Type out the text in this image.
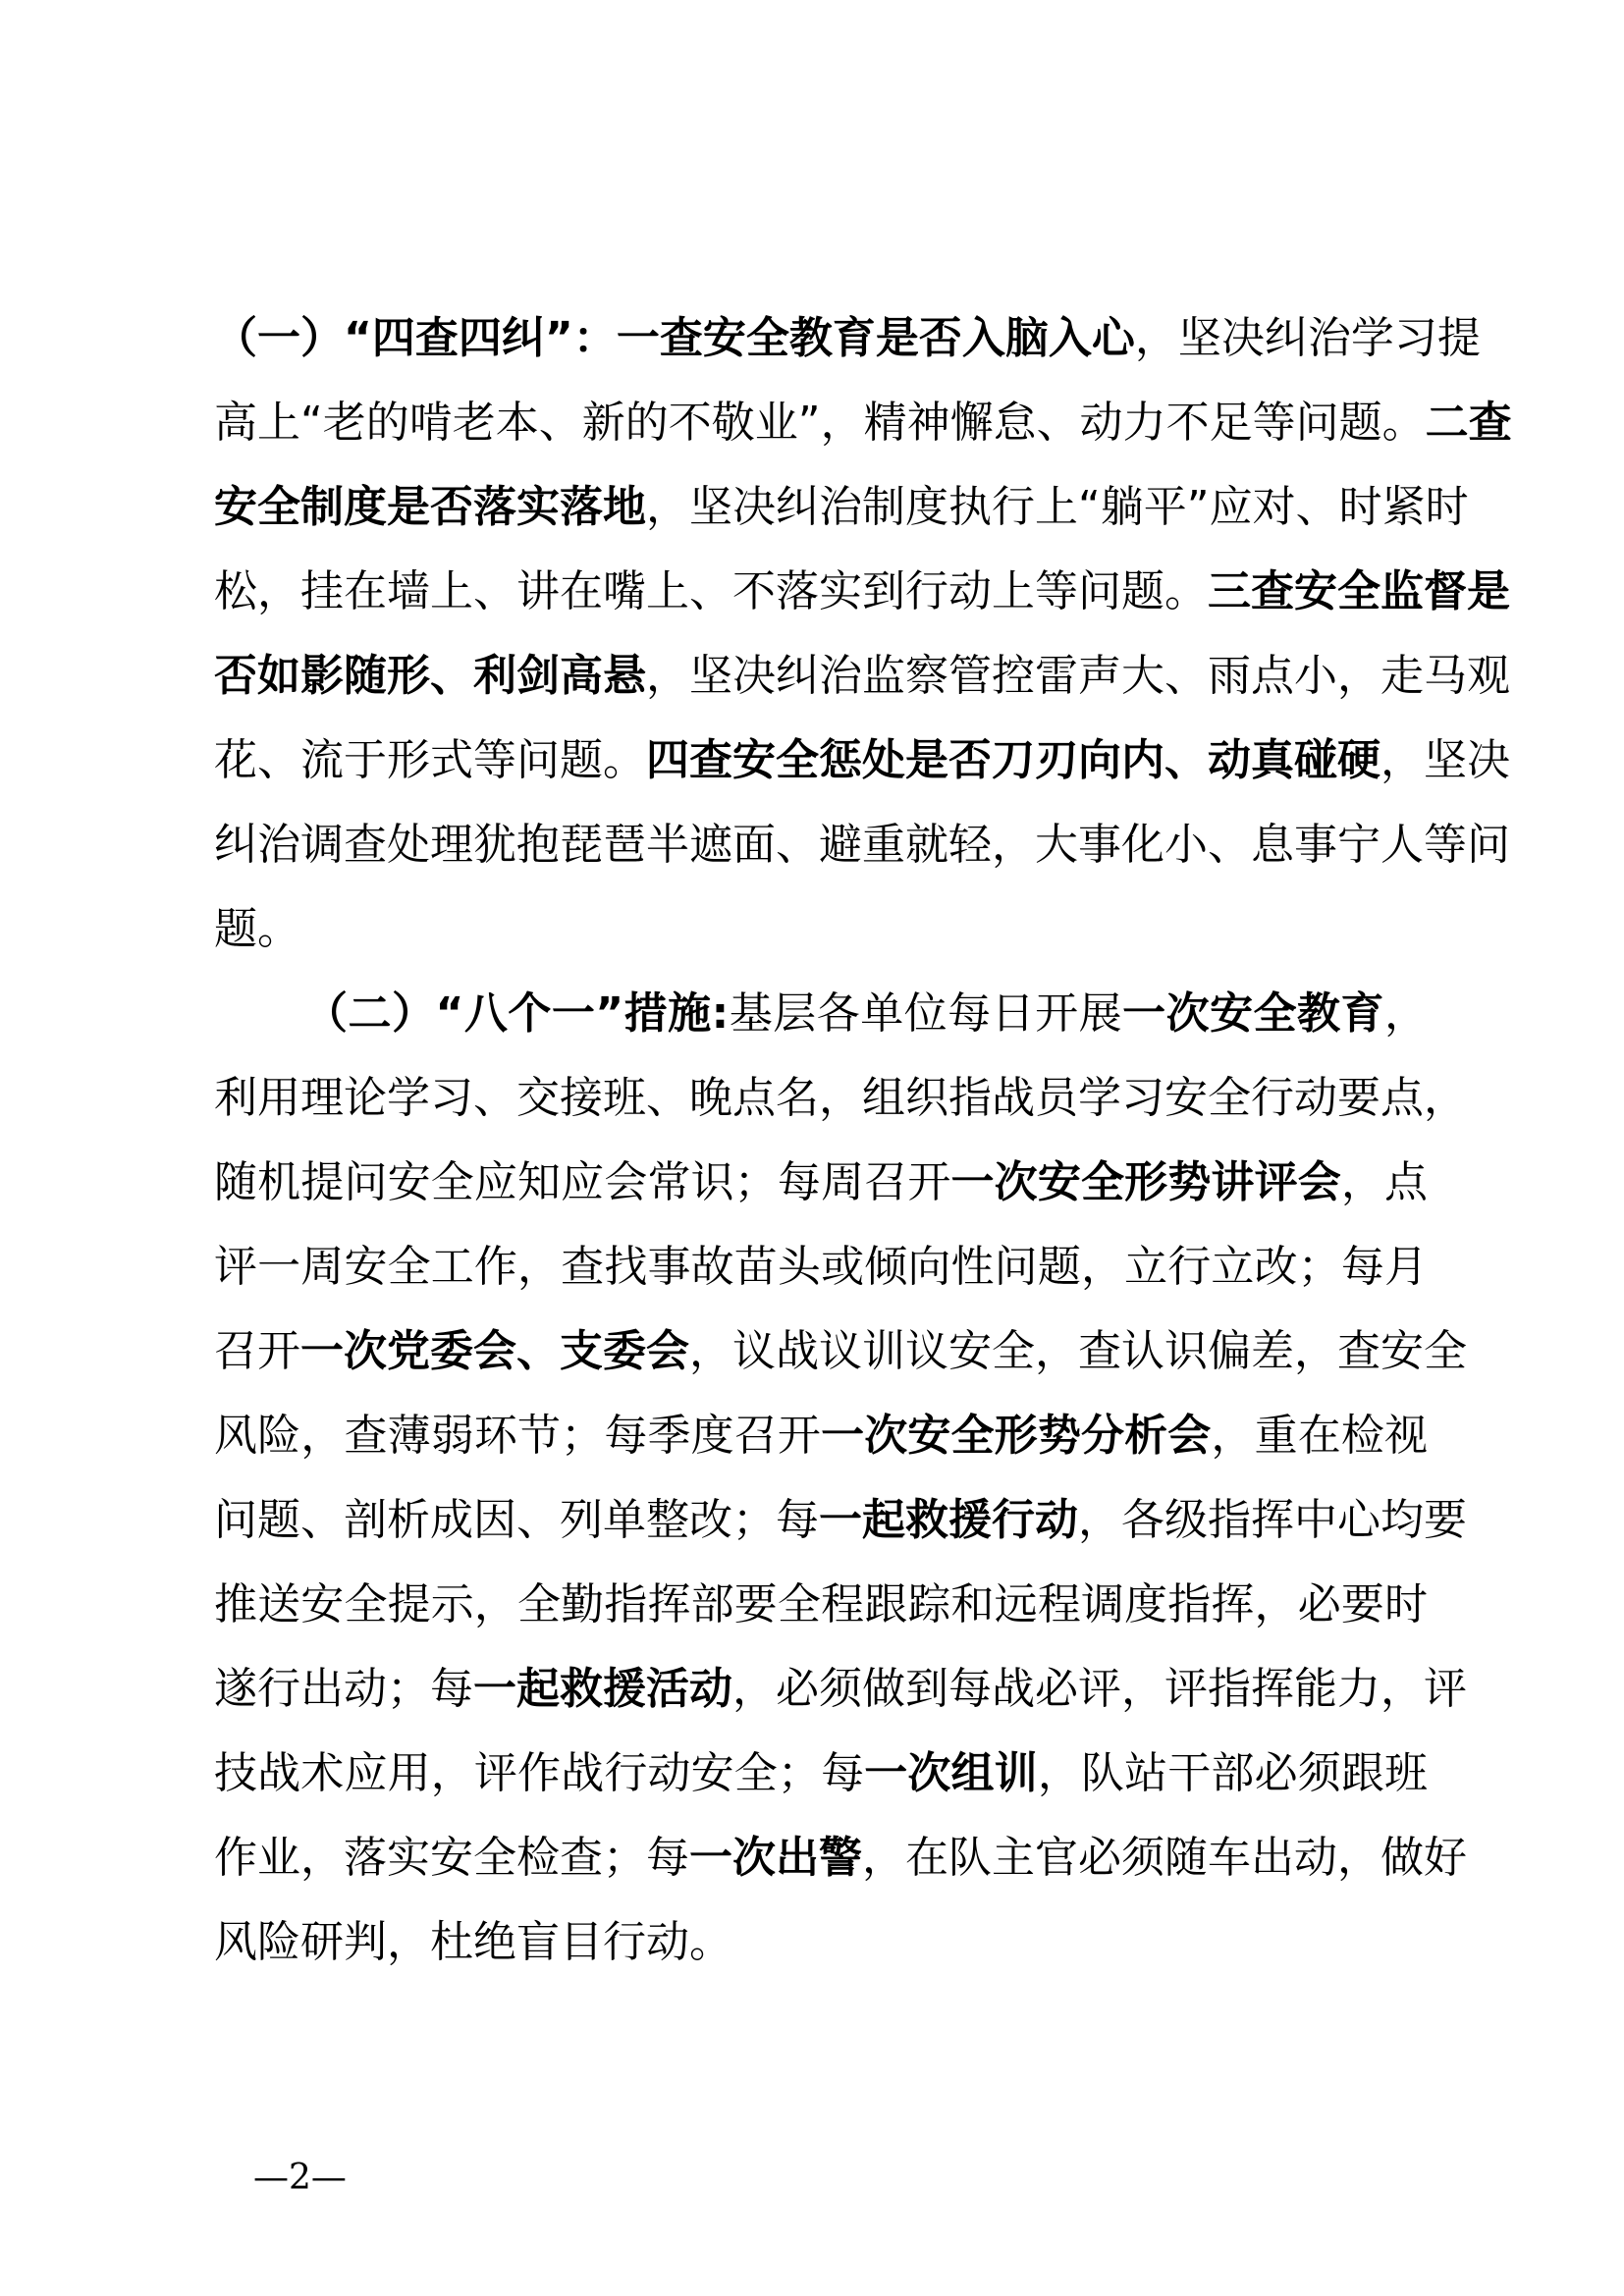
（一）“四查四纠”：一查安全教育是否入脑入心，坚决纠治学习提
高上“老的啃老本、新的不敬业”，精神懈怠、动力不足等问题。二查
安全制度是否落实落地，坚决纠治制度执行上“躺平”应对、时紧时
松，挂在墙上、讲在嘴上、不落实到行动上等问题。三查安全监督是
否如影随形、利剑高悬，坚决纠治监察管控雷声大、雨点小，走马观
花、流于形式等问题。四查安全惩处是否刀刃向内、动真碰硬，坚决
纠治调查处理犹抱琵琶半遮面、避重就轻，大事化小、息事宁人等问
题。
（二）“八个一”措施:基层各单位每日开展一次安全教育，
利用理论学习、交接班、晚点名，组织指战员学习安全行动要点，
随机提问安全应知应会常识；每周召开一次安全形势讲评会，点
评一周安全工作，查找事故苗头或倾向性问题，立行立改；每月
召开一次党委会、支委会，议战议训议安全，查认识偏差，查安全
风险，查薄弱环节；每季度召开一次安全形势分析会，重在检视
问题、剖析成因、列单整改；每一起救援行动，各级指挥中心均要
推送安全提示，全勤指挥部要全程跟踪和远程调度指挥，必要时
遂行出动；每一起救援活动，必须做到每战必评，评指挥能力，评
技战术应用，评作战行动安全；每一次组训，队站干部必须跟班
作业，落实安全检查；每一次出警，在队主官必须随车出动，做好
风险研判，杜绝盲目行动。
—2—
